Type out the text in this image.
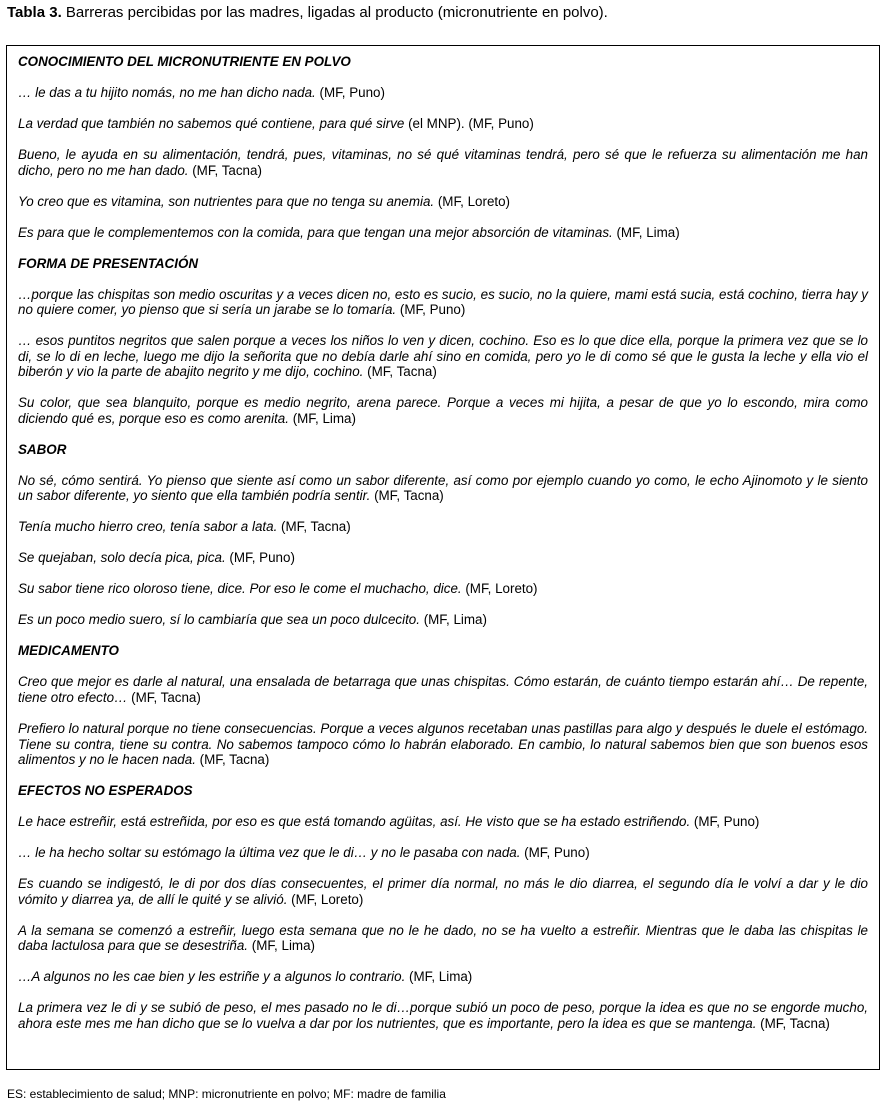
Tabla 3. Barreras percibidas por las madres, ligadas al producto (micronutriente en polvo).
CONOCIMIENTO DEL MICRONUTRIENTE EN POLVO
… le das a tu hijito nomás, no me han dicho nada. (MF, Puno)
La verdad que también no sabemos qué contiene, para qué sirve (el MNP). (MF, Puno)
Bueno, le ayuda en su alimentación, tendrá, pues, vitaminas, no sé qué vitaminas tendrá, pero sé que le refuerza su alimentación me han dicho, pero no me han dado. (MF, Tacna)
Yo creo que es vitamina, son nutrientes para que no tenga su anemia. (MF, Loreto)
Es para que le complementemos con la comida, para que tengan una mejor absorción de vitaminas. (MF, Lima)
FORMA DE PRESENTACIÓN
…porque las chispitas son medio oscuritas y a veces dicen no, esto es sucio, es sucio, no la quiere, mami está sucia, está cochino, tierra hay y no quiere comer, yo pienso que si sería un jarabe se lo tomaría. (MF, Puno)
… esos puntitos negritos que salen porque a veces los niños lo ven y dicen, cochino. Eso es lo que dice ella, porque la primera vez que se lo di, se lo di en leche, luego me dijo la señorita que no debía darle ahí sino en comida, pero yo le di como sé que le gusta la leche y ella vio el biberón y vio la parte de abajito negrito y me dijo, cochino. (MF, Tacna)
Su color, que sea blanquito, porque es medio negrito, arena parece. Porque a veces mi hijita, a pesar de que yo lo escondo, mira como diciendo qué es, porque eso es como arenita. (MF, Lima)
SABOR
No sé, cómo sentirá. Yo pienso que siente así como un sabor diferente, así como por ejemplo cuando yo como, le echo Ajinomoto y le siento un sabor diferente, yo siento que ella también podría sentir. (MF, Tacna)
Tenía mucho hierro creo, tenía sabor a lata. (MF, Tacna)
Se quejaban, solo decía pica, pica. (MF, Puno)
Su sabor tiene rico oloroso tiene, dice. Por eso le come el muchacho, dice. (MF, Loreto)
Es un poco medio suero, sí lo cambiaría que sea un poco dulcecito. (MF, Lima)
MEDICAMENTO
Creo que mejor es darle al natural, una ensalada de betarraga que unas chispitas. Cómo estarán, de cuánto tiempo estarán ahí… De repente, tiene otro efecto… (MF, Tacna)
Prefiero lo natural porque no tiene consecuencias. Porque a veces algunos recetaban unas pastillas para algo y después le duele el estómago. Tiene su contra, tiene su contra. No sabemos tampoco cómo lo habrán elaborado. En cambio, lo natural sabemos bien que son buenos esos alimentos y no le hacen nada. (MF, Tacna)
EFECTOS NO ESPERADOS
Le hace estreñir, está estreñida, por eso es que está tomando agüitas, así. He visto que se ha estado estriñendo. (MF, Puno)
… le ha hecho soltar su estómago la última vez que le di… y no le pasaba con nada. (MF, Puno)
Es cuando se indigestó, le di por dos días consecuentes, el primer día normal, no más le dio diarrea, el segundo día le volví a dar y le dio vómito y diarrea ya, de allí le quité y se alivió. (MF, Loreto)
A la semana se comenzó a estreñir, luego esta semana que no le he dado, no se ha vuelto a estreñir. Mientras que le daba las chispitas le daba lactulosa para que se desestriña. (MF, Lima)
…A algunos no les cae bien y les estriñe y a algunos lo contrario. (MF, Lima)
La primera vez le di y se subió de peso, el mes pasado no le di…porque subió un poco de peso, porque la idea es que no se engorde mucho, ahora este mes me han dicho que se lo vuelva a dar por los nutrientes, que es importante, pero la idea es que se mantenga. (MF, Tacna)
ES: establecimiento de salud; MNP: micronutriente en polvo; MF: madre de familia
